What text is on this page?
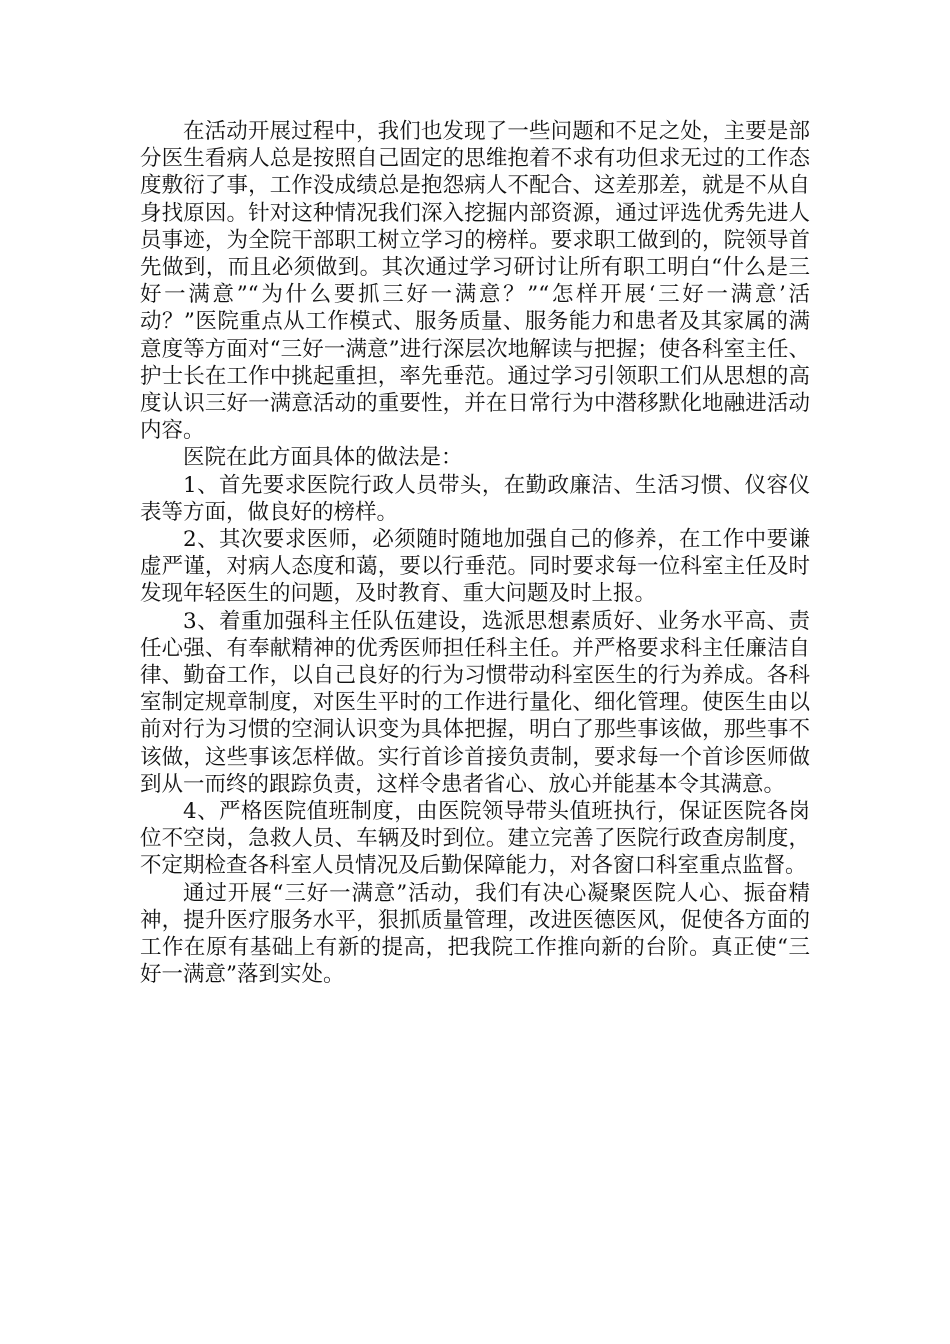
在活动开展过程中，我们也发现了一些问题和不足之处，主要是部分医生看病人总是按照自己固定的思维抱着不求有功但求无过的工作态度敷衍了事，工作没成绩总是抱怨病人不配合、这差那差，就是不从自身找原因。针对这种情况我们深入挖掘内部资源，通过评选优秀先进人员事迹，为全院干部职工树立学习的榜样。要求职工做到的，院领导首先做到，而且必须做到。其次通过学习研讨让所有职工明白“什么是三好一满意”“为什么要抓三好一满意？”“怎样开展‘三好一满意’活动？”医院重点从工作模式、服务质量、服务能力和患者及其家属的满意度等方面对“三好一满意”进行深层次地解读与把握；使各科室主任、护士长在工作中挑起重担，率先垂范。通过学习引领职工们从思想的高度认识三好一满意活动的重要性，并在日常行为中潜移默化地融进活动内容。

医院在此方面具体的做法是：

1、首先要求医院行政人员带头，在勤政廉洁、生活习惯、仪容仪表等方面，做良好的榜样。

2、其次要求医师，必须随时随地加强自己的修养，在工作中要谦虚严谨，对病人态度和蔼，要以行垂范。同时要求每一位科室主任及时发现年轻医生的问题，及时教育、重大问题及时上报。

3、着重加强科主任队伍建设，选派思想素质好、业务水平高、责任心强、有奉献精神的优秀医师担任科主任。并严格要求科主任廉洁自律、勤奋工作，以自己良好的行为习惯带动科室医生的行为养成。各科室制定规章制度，对医生平时的工作进行量化、细化管理。使医生由以前对行为习惯的空洞认识变为具体把握，明白了那些事该做，那些事不该做，这些事该怎样做。实行首诊首接负责制，要求每一个首诊医师做到从一而终的跟踪负责，这样令患者省心、放心并能基本令其满意。

4、严格医院值班制度，由医院领导带头值班执行，保证医院各岗位不空岗，急救人员、车辆及时到位。建立完善了医院行政查房制度，不定期检查各科室人员情况及后勤保障能力，对各窗口科室重点监督。

通过开展“三好一满意”活动，我们有决心凝聚医院人心、振奋精神，提升医疗服务水平，狠抓质量管理，改进医德医风，促使各方面的工作在原有基础上有新的提高，把我院工作推向新的台阶。真正使“三好一满意”落到实处。
